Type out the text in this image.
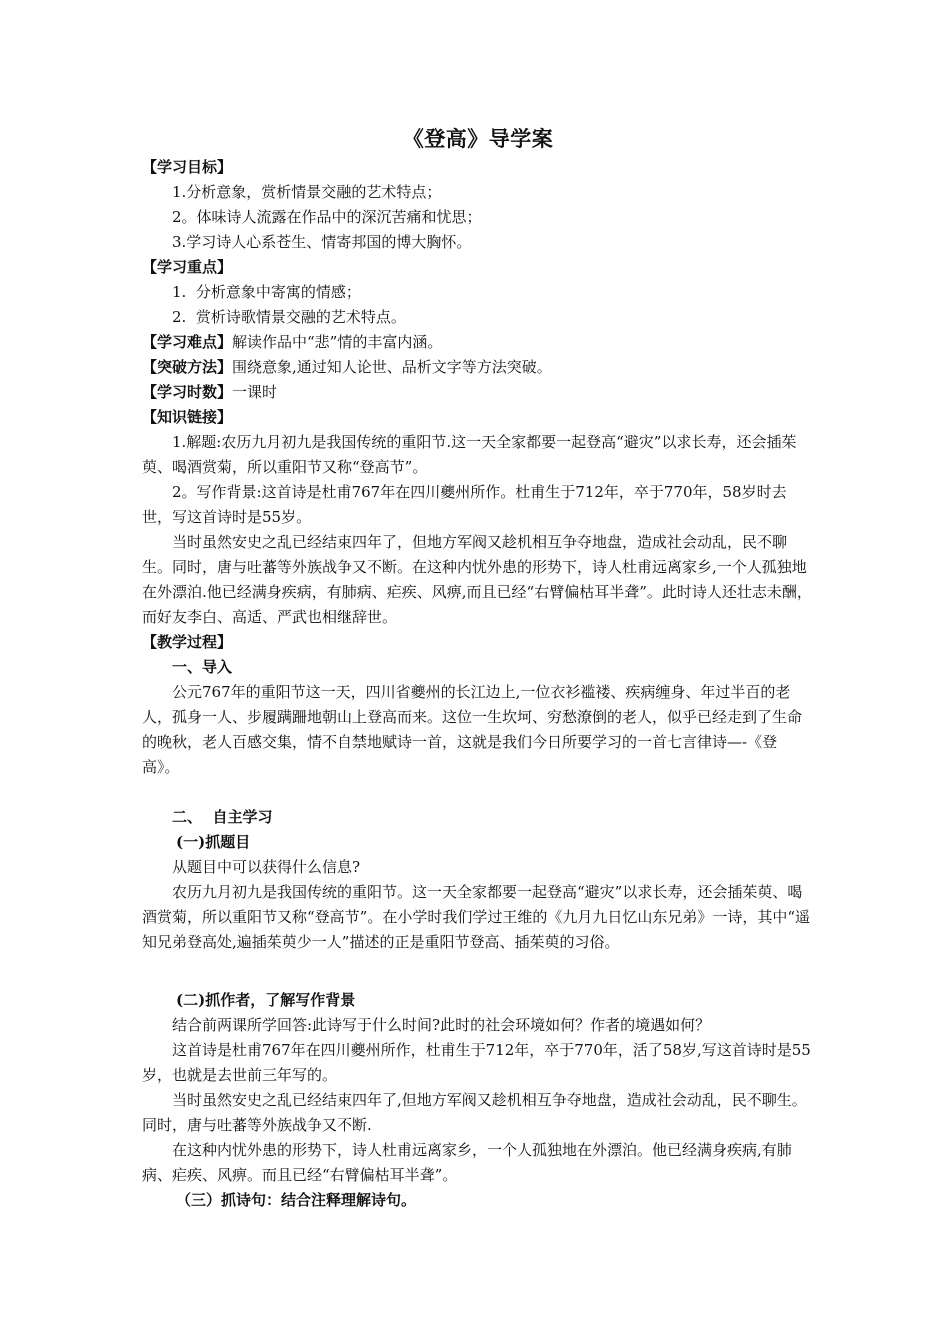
《登高》导学案

【学习目标】

1.分析意象，赏析情景交融的艺术特点；

2。体味诗人流露在作品中的深沉苦痛和忧思；

3.学习诗人心系苍生、情寄邦国的博大胸怀。

【学习重点】

1.  分析意象中寄寓的情感；

2.  赏析诗歌情景交融的艺术特点。

【学习难点】解读作品中“悲”情的丰富内涵。

【突破方法】围绕意象,通过知人论世、品析文字等方法突破。

【学习时数】一课时

【知识链接】

1.解题:农历九月初九是我国传统的重阳节.这一天全家都要一起登高“避灾”以求长寿，还会插茱萸、喝酒赏菊，所以重阳节又称“登高节”。

2。写作背景:这首诗是杜甫767年在四川夔州所作。杜甫生于712年，卒于770年，58岁时去世，写这首诗时是55岁。

当时虽然安史之乱已经结束四年了，但地方军阀又趁机相互争夺地盘，造成社会动乱，民不聊生。同时，唐与吐蕃等外族战争又不断。在这种内忧外患的形势下，诗人杜甫远离家乡,一个人孤独地在外漂泊.他已经满身疾病，有肺病、疟疾、风痹,而且已经“右臂偏枯耳半聋”。此时诗人还壮志未酬，而好友李白、高适、严武也相继辞世。

【教学过程】

一、导入

公元767年的重阳节这一天，四川省夔州的长江边上,一位衣衫褴褛、疾病缠身、年过半百的老人，孤身一人、步履蹒跚地朝山上登高而来。这位一生坎坷、穷愁潦倒的老人，似乎已经走到了生命的晚秋，老人百感交集，情不自禁地赋诗一首，这就是我们今日所要学习的一首七言律诗—-《登高》。

二、  自主学习

(一)抓题目

从题目中可以获得什么信息?

农历九月初九是我国传统的重阳节。这一天全家都要一起登高“避灾”以求长寿，还会插茱萸、喝酒赏菊，所以重阳节又称“登高节”。在小学时我们学过王维的《九月九日忆山东兄弟》一诗，其中“遥知兄弟登高处,遍插茱萸少一人”描述的正是重阳节登高、插茱萸的习俗。

(二)抓作者，了解写作背景

结合前两课所学回答:此诗写于什么时间?此时的社会环境如何？作者的境遇如何？

这首诗是杜甫767年在四川夔州所作，杜甫生于712年，卒于770年，活了58岁,写这首诗时是55岁，也就是去世前三年写的。

当时虽然安史之乱已经结束四年了,但地方军阀又趁机相互争夺地盘，造成社会动乱，民不聊生。同时，唐与吐蕃等外族战争又不断.

在这种内忧外患的形势下，诗人杜甫远离家乡，一个人孤独地在外漂泊。他已经满身疾病,有肺病、疟疾、风痹。而且已经“右臂偏枯耳半聋”。

（三）抓诗句：结合注释理解诗句。
